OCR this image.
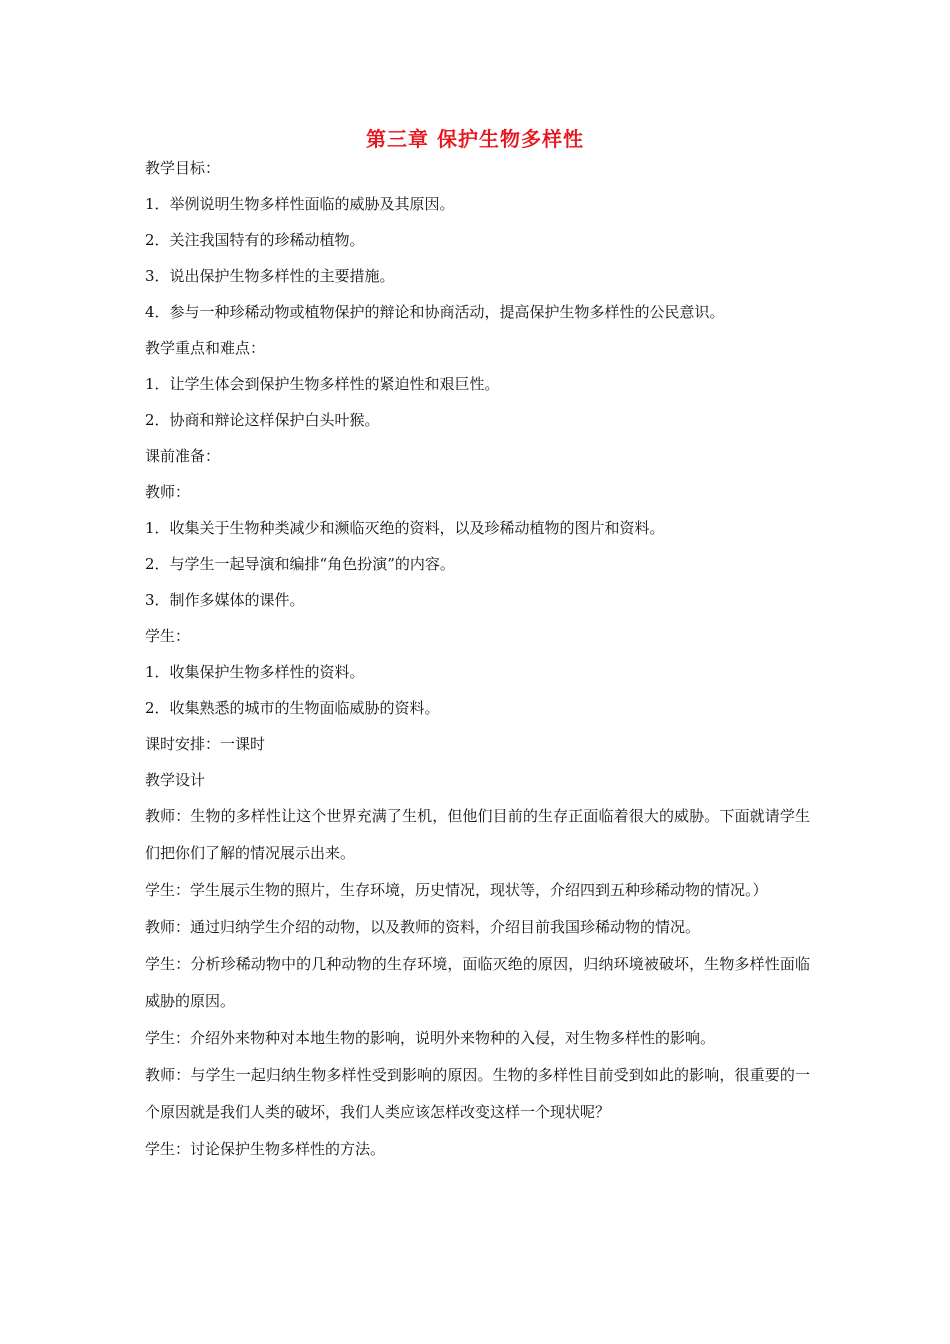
第三章 保护生物多样性
教学目标：
1．举例说明生物多样性面临的威胁及其原因。
2．关注我国特有的珍稀动植物。
3．说出保护生物多样性的主要措施。
4．参与一种珍稀动物或植物保护的辩论和协商活动，提高保护生物多样性的公民意识。
教学重点和难点：
1．让学生体会到保护生物多样性的紧迫性和艰巨性。
2．协商和辩论这样保护白头叶猴。
课前准备：
教师：
1．收集关于生物种类减少和濒临灭绝的资料，以及珍稀动植物的图片和资料。
2．与学生一起导演和编排“角色扮演”的内容。
3．制作多媒体的课件。
学生：
1．收集保护生物多样性的资料。
2．收集熟悉的城市的生物面临威胁的资料。
课时安排：一课时
教学设计
教师：生物的多样性让这个世界充满了生机，但他们目前的生存正面临着很大的威胁。下面就请学生们把你们了解的情况展示出来。
学生：学生展示生物的照片，生存环境，历史情况，现状等，介绍四到五种珍稀动物的情况。）
教师：通过归纳学生介绍的动物，以及教师的资料，介绍目前我国珍稀动物的情况。
学生：分析珍稀动物中的几种动物的生存环境，面临灭绝的原因，归纳环境被破坏，生物多样性面临威胁的原因。
学生：介绍外来物种对本地生物的影响，说明外来物种的入侵，对生物多样性的影响。
教师：与学生一起归纳生物多样性受到影响的原因。生物的多样性目前受到如此的影响，很重要的一个原因就是我们人类的破坏，我们人类应该怎样改变这样一个现状呢？
学生：讨论保护生物多样性的方法。
